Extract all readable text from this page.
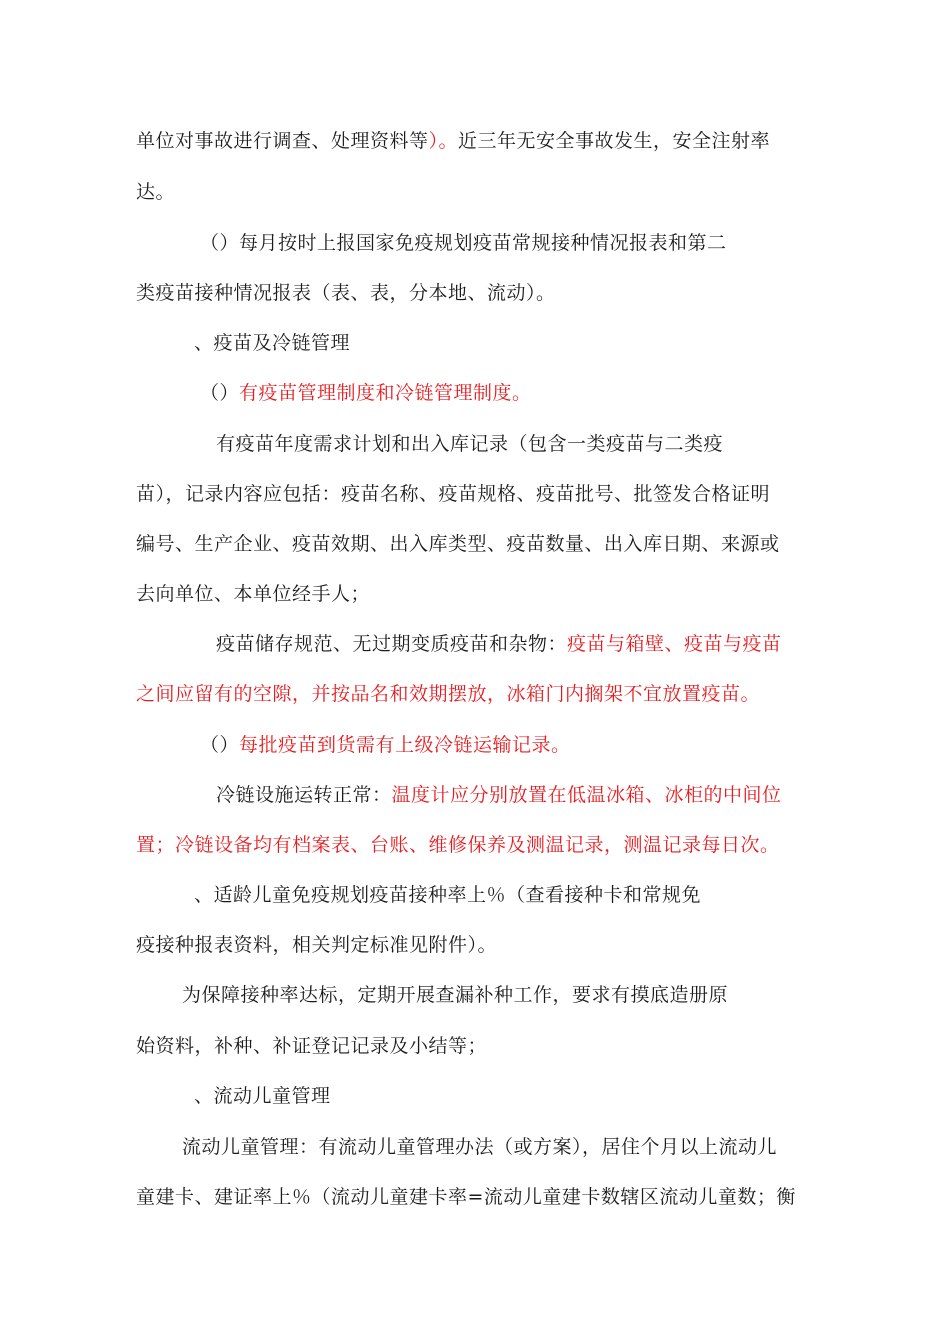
单位对事故进行调查、处理资料等）。近三年无安全事故发生，安全注射率
达。
（）每月按时上报国家免疫规划疫苗常规接种情况报表和第二
类疫苗接种情况报表（表、表，分本地、流动）。
、疫苗及冷链管理
（）有疫苗管理制度和冷链管理制度。
有疫苗年度需求计划和出入库记录（包含一类疫苗与二类疫
苗），记录内容应包括：疫苗名称、疫苗规格、疫苗批号、批签发合格证明
编号、生产企业、疫苗效期、出入库类型、疫苗数量、出入库日期、来源或
去向单位、本单位经手人；
疫苗储存规范、无过期变质疫苗和杂物：疫苗与箱壁、疫苗与疫苗
之间应留有的空隙，并按品名和效期摆放，冰箱门内搁架不宜放置疫苗。
（）每批疫苗到货需有上级冷链运输记录。
冷链设施运转正常：温度计应分别放置在低温冰箱、冰柜的中间位
置；冷链设备均有档案表、台账、维修保养及测温记录，测温记录每日次。
、适龄儿童免疫规划疫苗接种率上％（查看接种卡和常规免
疫接种报表资料，相关判定标准见附件）。
为保障接种率达标，定期开展查漏补种工作，要求有摸底造册原
始资料，补种、补证登记记录及小结等；
、流动儿童管理
流动儿童管理：有流动儿童管理办法（或方案），居住个月以上流动儿
童建卡、建证率上％（流动儿童建卡率=流动儿童建卡数辖区流动儿童数；衡
